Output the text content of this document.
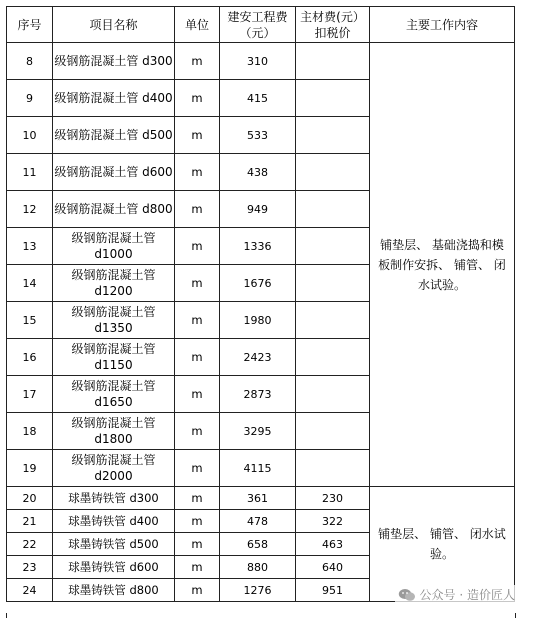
序号	项目名称	单位	建安工程费（元）	主材费(元）扣税价	主要工作内容
8	级钢筋混凝土管 d300	m	310		铺垫层、 基础浇捣和模板制作安拆、 铺管、 闭水试验。
9	级钢筋混凝土管 d400	m	415		
10	级钢筋混凝土管 d500	m	533		
11	级钢筋混凝土管 d600	m	438		
12	级钢筋混凝土管 d800	m	949		
13	级钢筋混凝土管 d1000	m	1336		
14	级钢筋混凝土管 d1200	m	1676		
15	级钢筋混凝土管 d1350	m	1980		
16	级钢筋混凝土管 d1150	m	2423		
17	级钢筋混凝土管 d1650	m	2873		
18	级钢筋混凝土管 d1800	m	3295		
19	级钢筋混凝土管 d2000	m	4115		
20	球墨铸铁管 d300	m	361	230	铺垫层、 铺管、 闭水试验。
21	球墨铸铁管 d400	m	478	322	
22	球墨铸铁管 d500	m	658	463	
23	球墨铸铁管 d600	m	880	640	
24	球墨铸铁管 d800	m	1276	951		公众号 · 造价匠人
